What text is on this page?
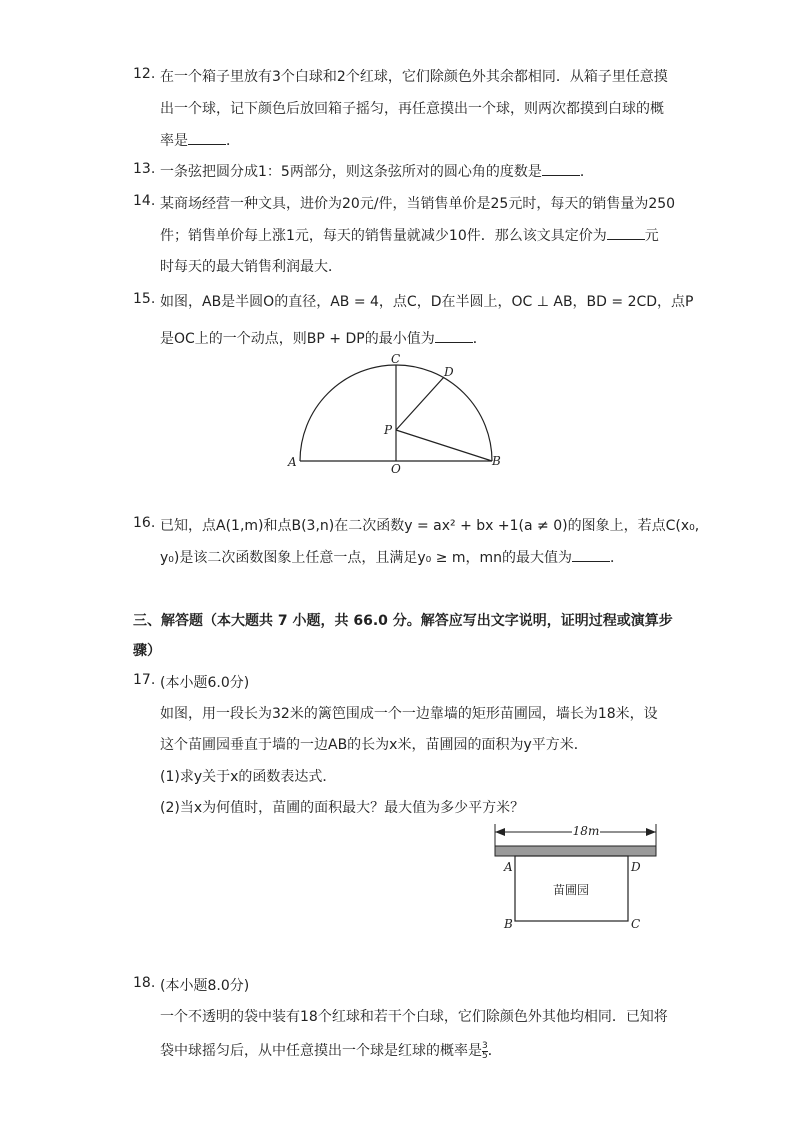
12. 在一个箱子里放有3个白球和2个红球，它们除颜色外其余都相同．从箱子里任意摸
出一个球，记下颜色后放回箱子摇匀，再任意摸出一个球，则两次都摸到白球的概
率是	．
13. 一条弦把圆分成1：5两部分，则这条弦所对的圆心角的度数是	．
14. 某商场经营一种文具，进价为20元/件，当销售单价是25元时，每天的销售量为250
件；销售单价每上涨1元，每天的销售量就减少10件．那么该文具定价为	元
时每天的最大销售利润最大．
15. 如图，AB是半圆O的直径，AB = 4，点C，D在半圆上，OC ⊥ AB，BD = 2CD，点P
是OC上的一个动点，则BP + DP的最小值为	．
A	B
C
D
O
P
16. 已知，点A(1,m)和点B(3,n)在二次函数y = ax² + bx +1(a ≠ 0)的图象上，若点C(x₀,
y₀)是该二次函数图象上任意一点，且满足y₀ ≥ m，mn的最大值为	．
三、解答题（本大题共 7 小题，共 66.0 分。解答应写出文字说明，证明过程或演算步
骤）
17. (本小题6.0分)
如图，用一段长为32米的篱笆围成一个一边靠墙的矩形苗圃园，墙长为18米，设
这个苗圃园垂直于墙的一边AB的长为x米，苗圃园的面积为y平方米．
(1)求y关于x的函数表达式．
(2)当x为何值时，苗圃的面积最大？最大值为多少平方米？
18m
A	D
B	C
苗圃园
18. (本小题8.0分)
一个不透明的袋中装有18个红球和若干个白球，它们除颜色外其他均相同．已知将
袋中球摇匀后，从中任意摸出一个球是红球的概率是 $\frac{3}{5}$ ．
